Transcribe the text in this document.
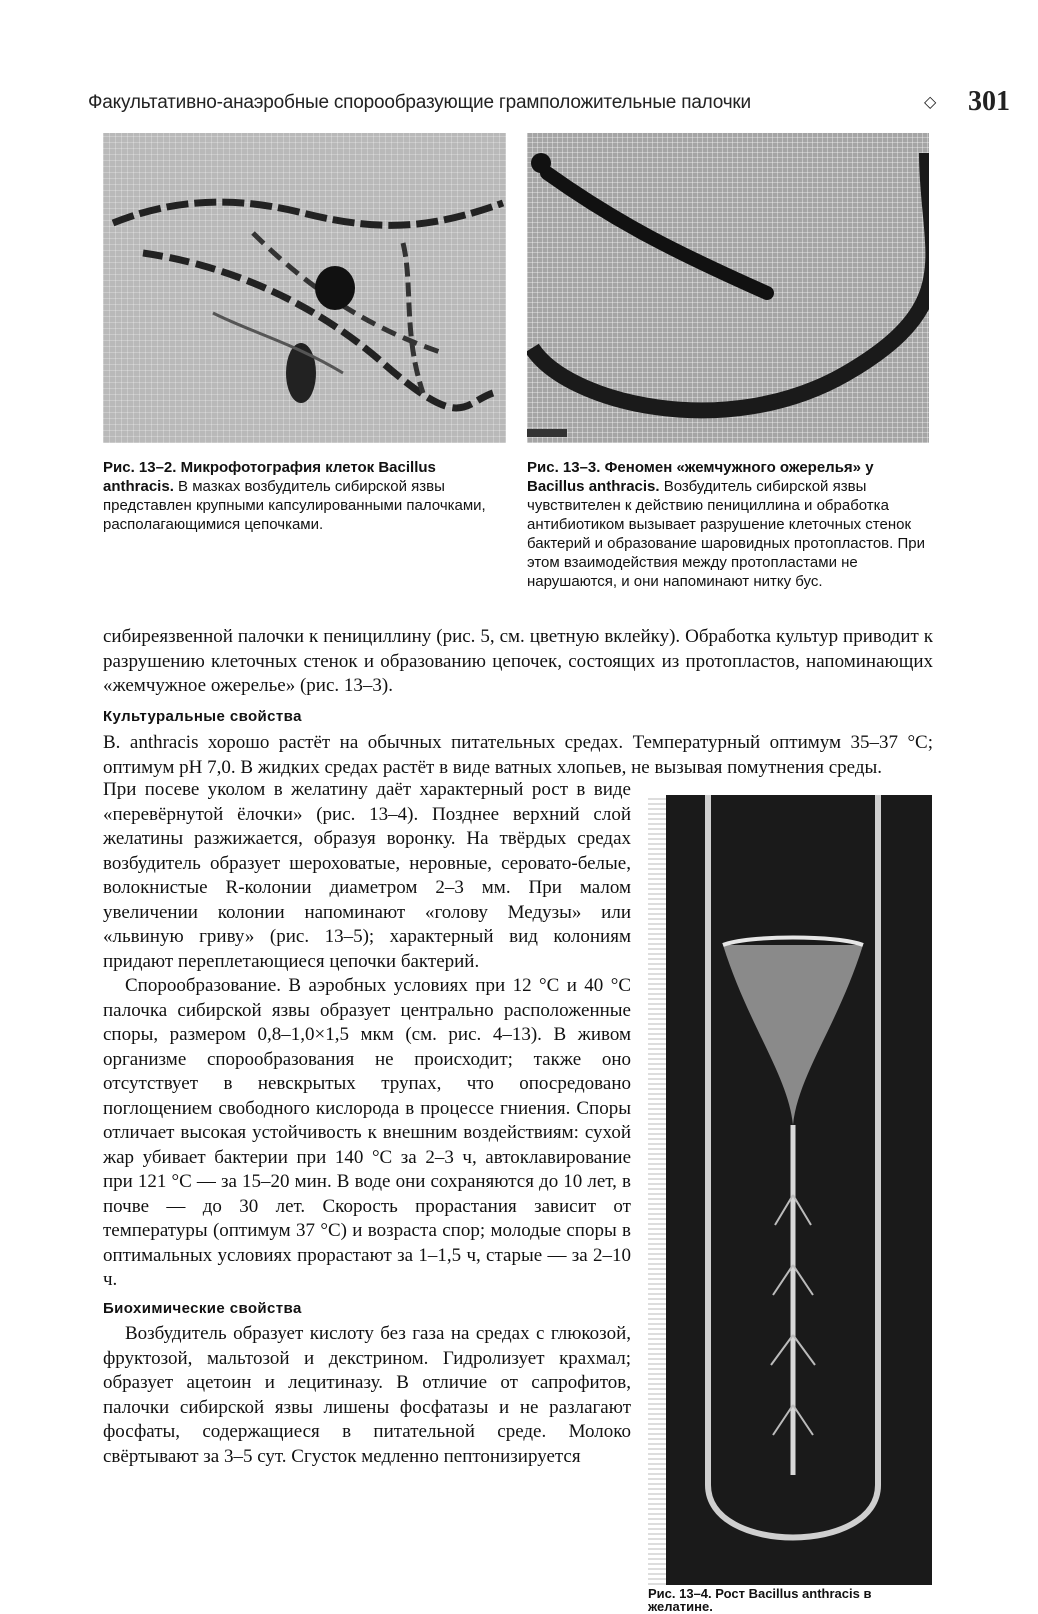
Факультативно-анаэробные спорообразующие грамположительные палочки	◇ 301
Рис. 13–2. Микрофотография клеток Bacillus anthracis. В мазках возбудитель сибирской язвы представлен крупными капсулированными палочками, располагающимися цепочками.
Рис. 13–3. Феномен «жемчужного ожерелья» у Bacillus anthracis. Возбудитель сибирской язвы чувствителен к действию пенициллина и обработка антибиотиком вызывает разрушение клеточных стенок бактерий и образование шаровидных протопластов. При этом взаимодействия между протопластами не нарушаются, и они напоминают нитку бус.

сибиреязвенной палочки к пенициллину (рис. 5, см. цветную вклейку). Обработка культур приводит к разрушению клеточных стенок и образованию цепочек, состоящих из протопластов, напоминающих «жемчужное ожерелье» (рис. 13–3).

Культуральные свойства

B. anthracis хорошо растёт на обычных питательных средах. Температурный оптимум 35–37 °С; оптимум pH 7,0. В жидких средах растёт в виде ватных хлопьев, не вызывая помутнения среды.

При посеве уколом в желатину даёт характерный рост в виде «перевёрнутой ёлочки» (рис. 13–4). Позднее верхний слой желатины разжижается, образуя воронку. На твёрдых средах возбудитель образует шероховатые, неровные, серовато-белые, волокнистые R-колонии диаметром 2–3 мм. При малом увеличении колонии напоминают «голову Медузы» или «львиную гриву» (рис. 13–5); характерный вид колониям придают переплетающиеся цепочки бактерий.

Спорообразование. В аэробных условиях при 12 °С и 40 °С палочка сибирской язвы образует центрально расположенные споры, размером 0,8–1,0×1,5 мкм (см. рис. 4–13). В живом организме спорообразования не происходит; также оно отсутствует в невскрытых трупах, что опосредовано поглощением свободного кислорода в процессе гниения. Споры отличает высокая устойчивость к внешним воздействиям: сухой жар убивает бактерии при 140 °С за 2–3 ч, автоклавирование при 121 °С — за 15–20 мин. В воде они сохраняются до 10 лет, в почве — до 30 лет. Скорость прорастания зависит от температуры (оптимум 37 °С) и возраста спор; молодые споры в оптимальных условиях прорастают за 1–1,5 ч, старые — за 2–10 ч.

Биохимические свойства

Возбудитель образует кислоту без газа на средах с глюкозой, фруктозой, мальтозой и декстрином. Гидролизует крахмал; образует ацетоин и лецитиназу. В отличие от сапрофитов, палочки сибирской язвы лишены фосфатазы и не разлагают фосфаты, содержащиеся в питательной среде. Молоко свёртывают за 3–5 сут. Сгусток медленно пептонизируется

Рис. 13–4. Рост Bacillus anthracis в желатине.
